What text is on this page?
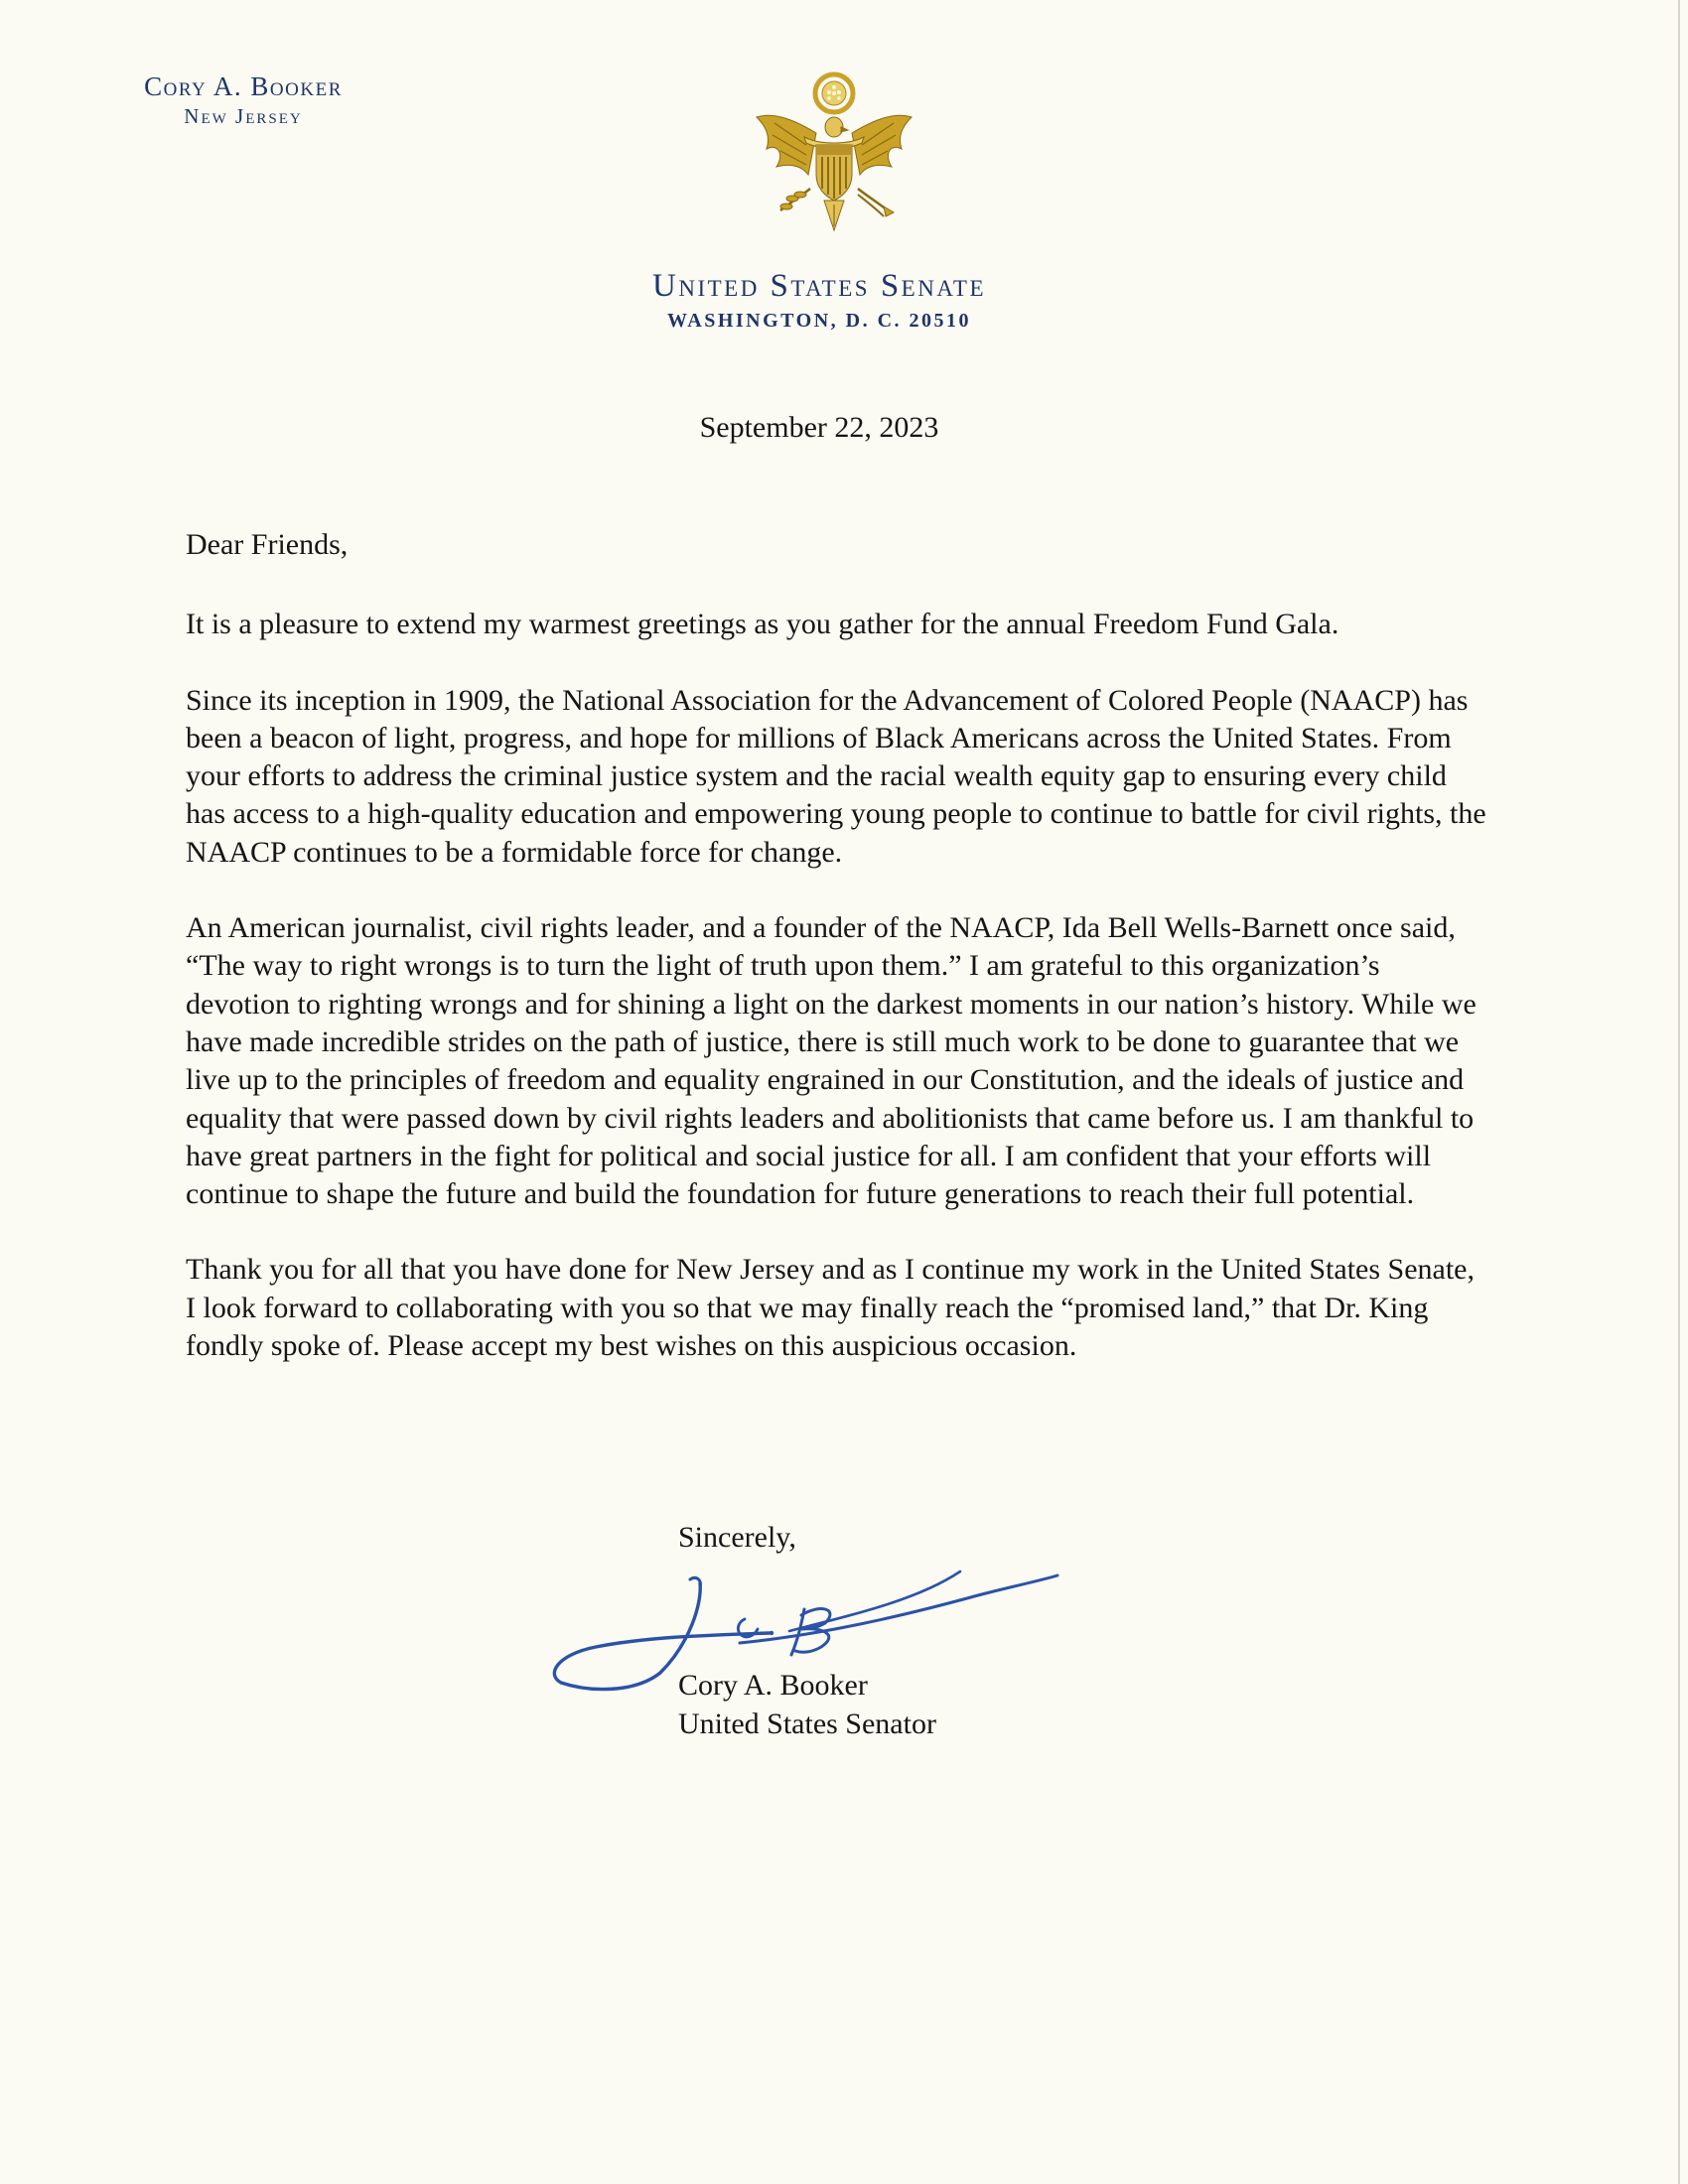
Cory A. Booker
New Jersey
United States Senate
WASHINGTON, D. C. 20510
September 22, 2023

Dear Friends,

It is a pleasure to extend my warmest greetings as you gather for the annual Freedom Fund Gala.

Since its inception in 1909, the National Association for the Advancement of Colored People (NAACP) has been a beacon of light, progress, and hope for millions of Black Americans across the United States. From your efforts to address the criminal justice system and the racial wealth equity gap to ensuring every child has access to a high-quality education and empowering young people to continue to battle for civil rights, the NAACP continues to be a formidable force for change.

An American journalist, civil rights leader, and a founder of the NAACP, Ida Bell Wells-Barnett once said, “The way to right wrongs is to turn the light of truth upon them.” I am grateful to this organization’s devotion to righting wrongs and for shining a light on the darkest moments in our nation’s history. While we have made incredible strides on the path of justice, there is still much work to be done to guarantee that we live up to the principles of freedom and equality engrained in our Constitution, and the ideals of justice and equality that were passed down by civil rights leaders and abolitionists that came before us. I am thankful to have great partners in the fight for political and social justice for all. I am confident that your efforts will continue to shape the future and build the foundation for future generations to reach their full potential.

Thank you for all that you have done for New Jersey and as I continue my work in the United States Senate, I look forward to collaborating with you so that we may finally reach the “promised land,” that Dr. King fondly spoke of. Please accept my best wishes on this auspicious occasion.

Sincerely,
Cory A. Booker
United States Senator
